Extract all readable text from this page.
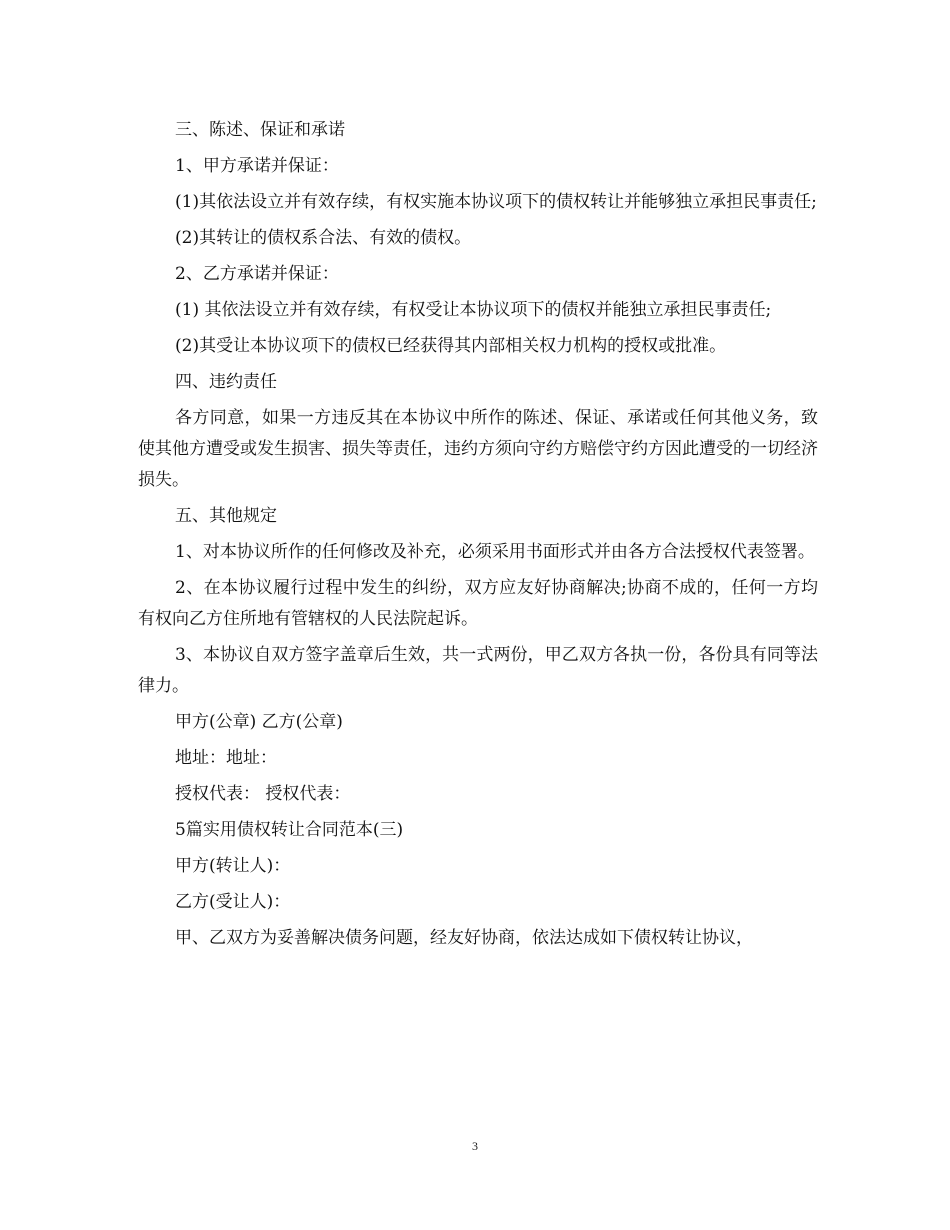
三、陈述、保证和承诺

1、甲方承诺并保证：

(1)其依法设立并有效存续，有权实施本协议项下的债权转让并能够独立承担民事责任;

(2)其转让的债权系合法、有效的债权。

2、乙方承诺并保证：

(1) 其依法设立并有效存续，有权受让本协议项下的债权并能独立承担民事责任;

(2)其受让本协议项下的债权已经获得其内部相关权力机构的授权或批准。

四、违约责任

各方同意，如果一方违反其在本协议中所作的陈述、保证、承诺或任何其他义务，致使其他方遭受或发生损害、损失等责任，违约方须向守约方赔偿守约方因此遭受的一切经济损失。

五、其他规定

1、对本协议所作的任何修改及补充，必须采用书面形式并由各方合法授权代表签署。

2、在本协议履行过程中发生的纠纷，双方应友好协商解决;协商不成的，任何一方均有权向乙方住所地有管辖权的人民法院起诉。

3、本协议自双方签字盖章后生效，共一式两份，甲乙双方各执一份，各份具有同等法律力。

甲方(公章) 乙方(公章)

地址：地址：

授权代表： 授权代表：

5篇实用债权转让合同范本(三)

甲方(转让人)：

乙方(受让人)：

甲、乙双方为妥善解决债务问题，经友好协商，依法达成如下债权转让协议，

3
